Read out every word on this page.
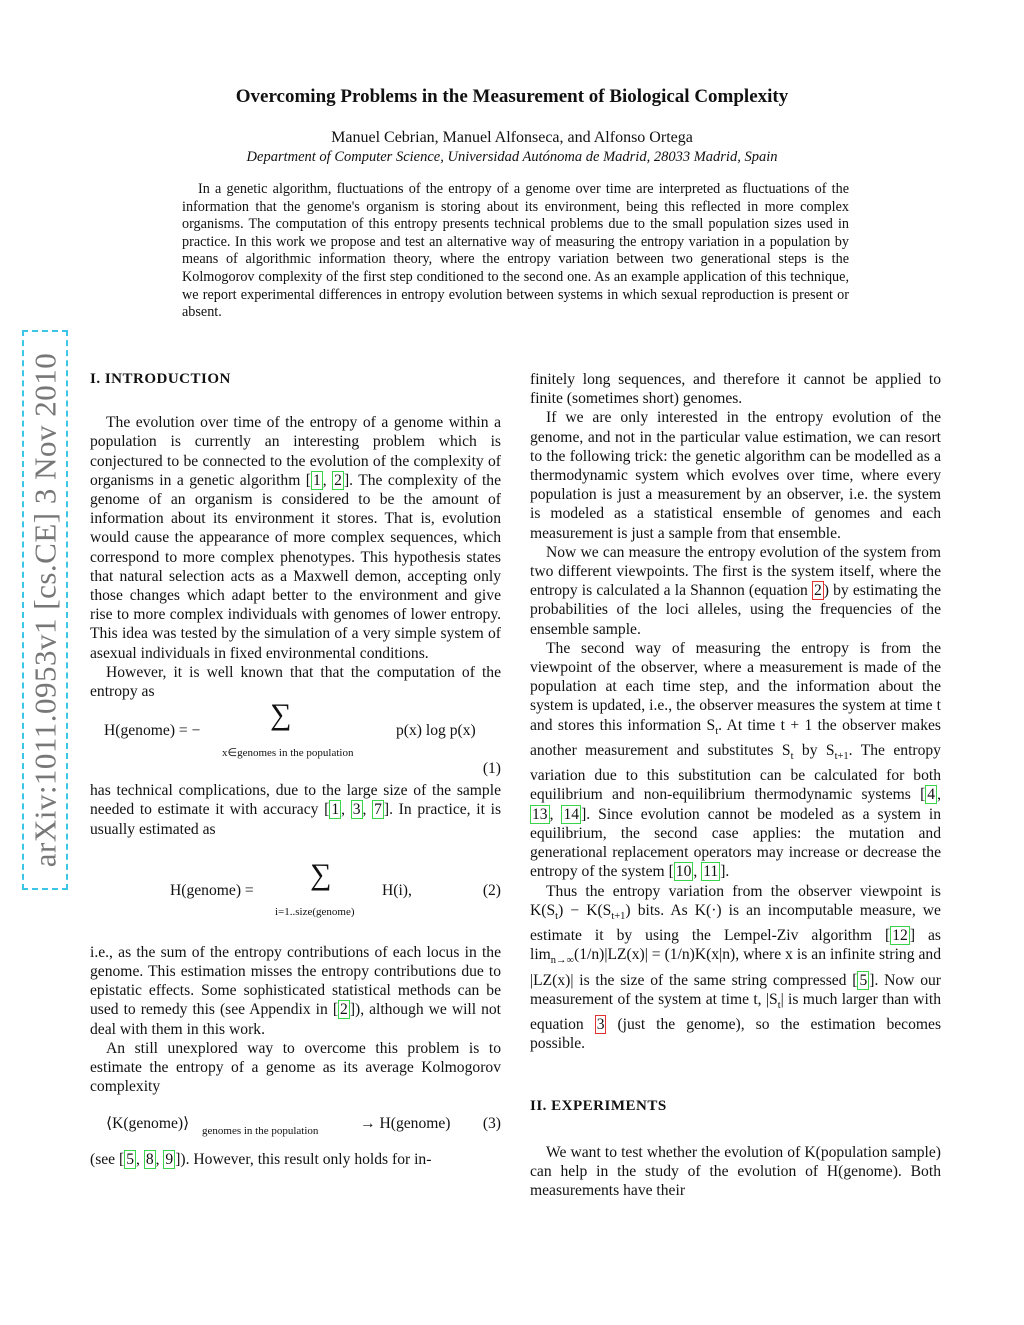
arXiv:1011.0953v1 [cs.CE] 3 Nov 2010
Overcoming Problems in the Measurement of Biological Complexity
Manuel Cebrian, Manuel Alfonseca, and Alfonso Ortega
Department of Computer Science, Universidad Autónoma de Madrid, 28033 Madrid, Spain

In a genetic algorithm, fluctuations of the entropy of a genome over time are interpreted as fluctuations of the information that the genome's organism is storing about its environment, being this reflected in more complex organisms. The computation of this entropy presents technical problems due to the small population sizes used in practice. In this work we propose and test an alternative way of measuring the entropy variation in a population by means of algorithmic information theory, where the entropy variation between two generational steps is the Kolmogorov complexity of the first step conditioned to the second one. As an example application of this technique, we report experimental differences in entropy evolution between systems in which sexual reproduction is present or absent.

I. INTRODUCTION

The evolution over time of the entropy of a genome within a population is currently an interesting problem which is conjectured to be connected to the evolution of the complexity of organisms in a genetic algorithm [ 1 , 2 ]. The complexity of the genome of an organism is considered to be the amount of information about its environment it stores. That is, evolution would cause the appearance of more complex sequences, which correspond to more complex phenotypes. This hypothesis states that natural selection acts as a Maxwell demon, accepting only those changes which adapt better to the environment and give rise to more complex individuals with genomes of lower entropy. This idea was tested by the simulation of a very simple system of asexual individuals in fixed environmental conditions.

However, it is well known that that the computation of the entropy as

H(genome) = − ∑
x∈genomes in the population
p(x) log p(x)
(1)

has technical complications, due to the large size of the sample needed to estimate it with accuracy [ 1 , 3 , 7 ]. In practice, it is usually estimated as

H(genome) = ∑
i=1..size(genome)
H(i),	(2)

i.e., as the sum of the entropy contributions of each locus in the genome. This estimation misses the entropy contributions due to epistatic effects. Some sophisticated statistical methods can be used to remedy this (see Appendix in [ 2 ]), although we will not deal with them in this work.

An still unexplored way to overcome this problem is to estimate the entropy of a genome as its average Kolmogorov complexity

⟨K(genome)⟩ genomes in the population	→ H(genome) (3)

(see [ 5 , 8 , 9 ]). However, this result only holds for in-

finitely long sequences, and therefore it cannot be applied to finite (sometimes short) genomes.

If we are only interested in the entropy evolution of the genome, and not in the particular value estimation, we can resort to the following trick: the genetic algorithm can be modelled as a thermodynamic system which evolves over time, where every population is just a measurement by an observer, i.e. the system is modeled as a statistical ensemble of genomes and each measurement is just a sample from that ensemble.

Now we can measure the entropy evolution of the system from two different viewpoints. The first is the system itself, where the entropy is calculated a la Shannon (equation 2 ) by estimating the probabilities of the loci alleles, using the frequencies of the ensemble sample.

The second way of measuring the entropy is from the viewpoint of the observer, where a measurement is made of the population at each time step, and the information about the system is updated, i.e., the observer measures the system at time t and stores this information $S_t$. At time t + 1 the observer makes another measurement and substitutes $S_t$ by $S_{t+1}$. The entropy variation due to this substitution can be calculated for both equilibrium and non-equilibrium thermodynamic systems [ 4 , 13 , 14 ]. Since evolution cannot be modeled as a system in equilibrium, the second case applies: the mutation and generational replacement operators may increase or decrease the entropy of the system [ 10 , 11 ].

Thus the entropy variation from the observer viewpoint is $K(S_t) - K(S_{t+1})$ bits. As K(·) is an incomputable measure, we estimate it by using the Lempel-Ziv algorithm [ 12 ] as $\lim_{n\to\infty}(1/n)|LZ(x)| = (1/n)K(x|n)$, where x is an infinite string and |LZ(x)| is the size of the same string compressed [ 5 ]. Now our measurement of the system at time t, $|S_t|$ is much larger than with equation 3 (just the genome), so the estimation becomes possible.

II. EXPERIMENTS

We want to test whether the evolution of K(population sample) can help in the study of the evolution of H(genome). Both measurements have their
